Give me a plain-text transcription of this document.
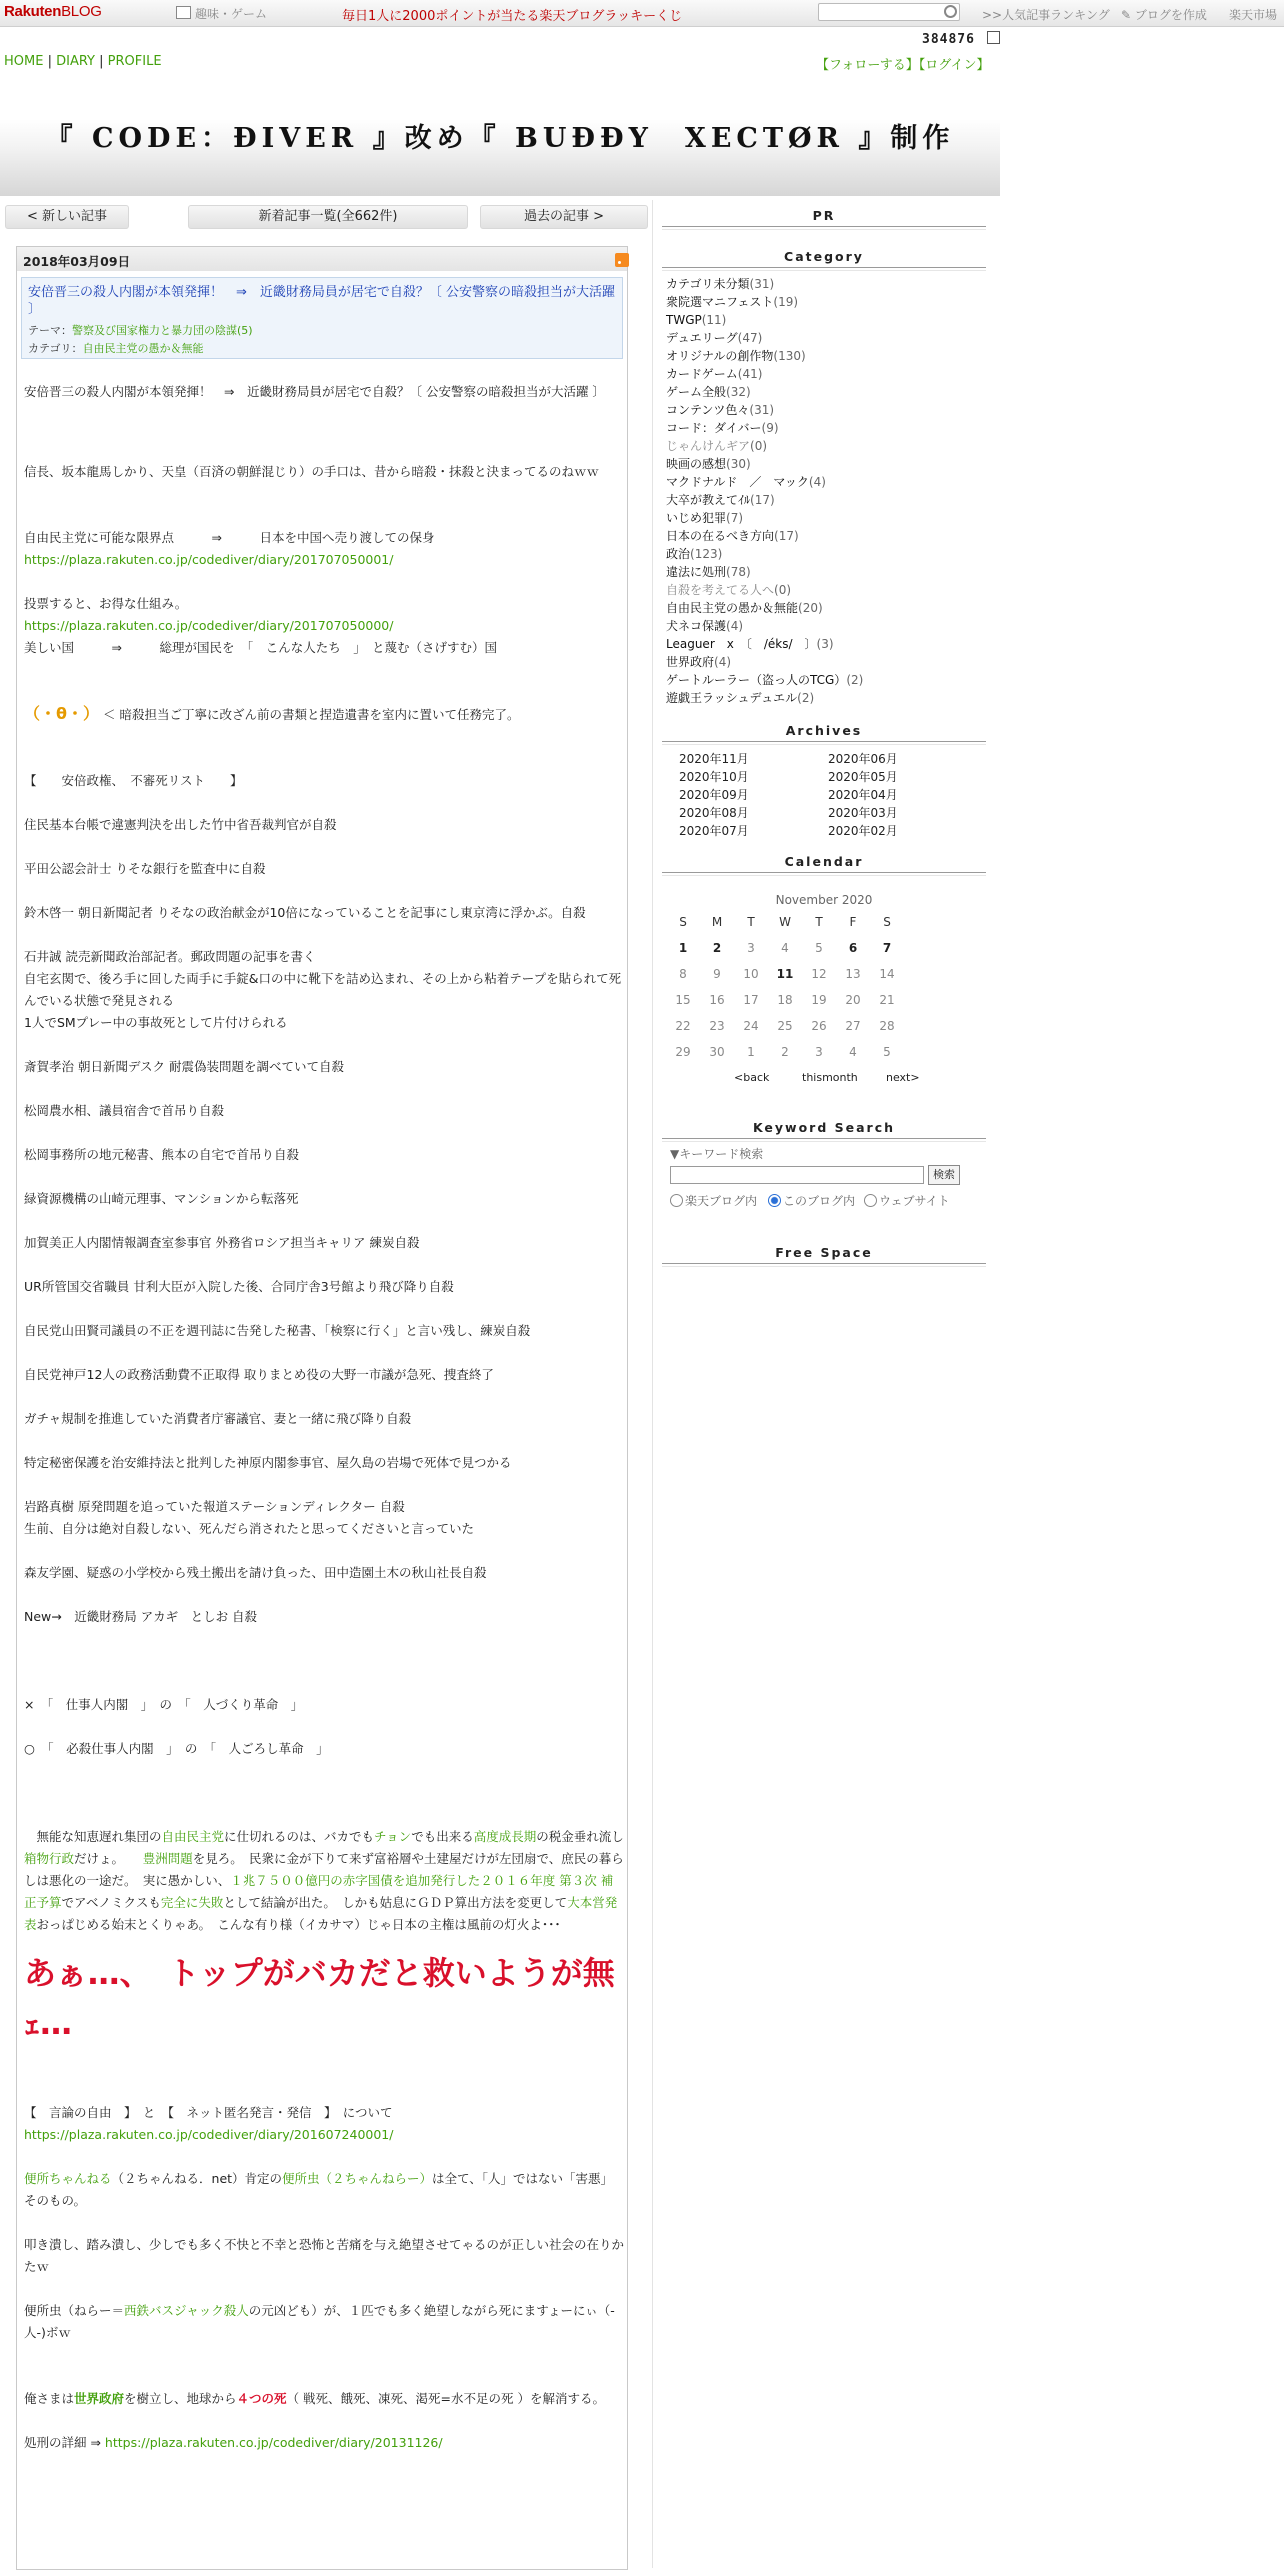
RakutenBLOG	趣味・ゲーム	毎日1人に2000ポイントが当たる楽天ブログラッキーくじ	>>人気記事ランキング ✎ ブログを作成 楽天市場
384876
HOME | DIARY | PROFILE	【フォローする】【ログイン】
『 CODE：ĐIVER 』改め『 BUĐĐY　XECTØR 』制作
< 新しい記事	新着記事一覧(全662件)	過去の記事 >
2018年03月09日
安倍晋三の殺人内閣が本領発揮！　⇒　近畿財務局員が居宅で自殺？〔 公安警察の暗殺担当が大活躍 〕
テーマ：警察及び国家権力と暴力団の陰謀(5)
カテゴリ：自由民主党の愚か＆無能

安倍晋三の殺人内閣が本領発揮！　⇒　近畿財務局員が居宅で自殺？〔 公安警察の暗殺担当が大活躍 〕

信長、坂本龍馬しかり、天皇（百済の朝鮮混じり）の手口は、昔から暗殺・抹殺と決まってるのねｗｗ

自由民主党に可能な限界点　　　⇒　　　日本を中国へ売り渡しての保身

https://plaza.rakuten.co.jp/codediver/diary/201707050001/

投票すると、お得な仕組み。

https://plaza.rakuten.co.jp/codediver/diary/201707050000/

美しい国　　　⇒　　　総理が国民を　「　こんな人たち　」　と蔑む（さげすむ）国

（・θ・） ＜ 暗殺担当ご丁寧に改ざん前の書類と捏造遺書を室内に置いて任務完了。

【　　安倍政権、　不審死リスト　　】

住民基本台帳で違憲判決を出した竹中省吾裁判官が自殺

平田公認会計士 りそな銀行を監査中に自殺

鈴木啓一 朝日新聞記者 りそなの政治献金が10倍になっていることを記事にし東京湾に浮かぶ。自殺

石井誠 読売新聞政治部記者。郵政問題の記事を書く

自宅玄関で、後ろ手に回した両手に手錠&口の中に靴下を詰め込まれ、その上から粘着テープを貼られて死んでいる状態で発見される

1人でSMプレー中の事故死として片付けられる

斎賀孝治 朝日新聞デスク 耐震偽装問題を調べていて自殺

松岡農水相、議員宿舎で首吊り自殺

松岡事務所の地元秘書、熊本の自宅で首吊り自殺

緑資源機構の山崎元理事、マンションから転落死

加賀美正人内閣情報調査室参事官 外務省ロシア担当キャリア 練炭自殺

UR所管国交省職員 甘利大臣が入院した後、合同庁舎3号館より飛び降り自殺

自民党山田賢司議員の不正を週刊誌に告発した秘書、「検察に行く」と言い残し、練炭自殺

自民党神戸12人の政務活動費不正取得 取りまとめ役の大野一市議が急死、捜査終了

ガチャ規制を推進していた消費者庁審議官、妻と一緒に飛び降り自殺

特定秘密保護を治安維持法と批判した神原内閣参事官、屋久島の岩場で死体で見つかる

岩路真樹 原発問題を追っていた報道ステーションディレクター 自殺

生前、自分は絶対自殺しない、死んだら消されたと思ってくださいと言っていた

森友学園、疑惑の小学校から残土搬出を請け負った、田中造園土木の秋山社長自殺

New→　近畿財務局 アカギ　としお 自殺

×　「　仕事人内閣　」　の　「　人づくり革命　」

○　「　必殺仕事人内閣　」　の　「　人ごろし革命　」

　無能な知恵遅れ集団の自由民主党に仕切れるのは、バカでもチョンでも出来る高度成長期の税金垂れ流し箱物行政だけょ。　　豊洲問題を見ろ。　民衆に金が下りて来ず富裕層や土建屋だけが左団扇で、庶民の暮らしは悪化の一途だ。　実に愚かしい、１兆７５００億円の赤字国債を追加発行した２０１６年度 第３次 補正予算でアベノミクスも完全に失敗として結論が出た。　しかも姑息にＧＤＰ算出方法を変更して大本営発表おっぱじめる始末とくりゃあ。　こんな有り様（イカサマ）じゃ日本の主権は風前の灯火よ･･･

あぁ…、　トップがバカだと救いようが無ｪ…

【　言論の自由　】　と　【　ネット匿名発言・発信　】　について

https://plaza.rakuten.co.jp/codediver/diary/201607240001/

便所ちゃんねる（２ちゃんねる．net）肯定の便所虫（２ちゃんねらー）は全て、「人」ではない「害悪」そのもの。

叩き潰し、踏み潰し、少しでも多く不快と不幸と恐怖と苦痛を与え絶望させてゃるのが正しい社会の在りかたｗ

便所虫（ねらー＝西鉄バスジャック殺人の元凶ども）が、１匹でも多く絶望しながら死にますょーにぃ（-人-)ボｗ

俺さまは世界政府を樹立し、地球から４つの死（ 戦死、餓死、凍死、渇死=水不足の死 ）を解消する。

処刑の詳細 ⇒ https://plaza.rakuten.co.jp/codediver/diary/20131126/

PR
Category
カテゴリ未分類(31)
衆院選マニフェスト(19)
TWGP(11)
デュエリーグ(47)
オリジナルの創作物(130)
カードゲーム(41)
ゲーム全般(32)
コンテンツ色々(31)
コード：ダイバー(9)
じゃんけんギア(0)
映画の感想(30)
マクドナルド　／　マック(4)
大卒が教えてｲﾙ(17)
いじめ犯罪(7)
日本の在るべき方向(17)
政治(123)
違法に処刑(78)
自殺を考えてる人へ(0)
自由民主党の愚か＆無能(20)
犬ネコ保護(4)
Leaguer　x　〔　/éks/　〕(3)
世界政府(4)
ゲートルーラー（盗っ人のTCG）(2)
遊戯王ラッシュデュエル(2)
Archives
2020年11月	2020年06月
2020年10月	2020年05月
2020年09月	2020年04月
2020年08月	2020年03月
2020年07月	2020年02月
Calendar
November 2020
S	M	T	W	T	F	S
1	2	3	4	5	6	7
8	9	10	11	12	13	14
15	16	17	18	19	20	21
22	23	24	25	26	27	28
29	30	1	2	3	4	5
<back	thismonth	next>
Keyword Search
▼キーワード検索
検索
楽天ブログ内	このブログ内	ウェブサイト
Free Space
